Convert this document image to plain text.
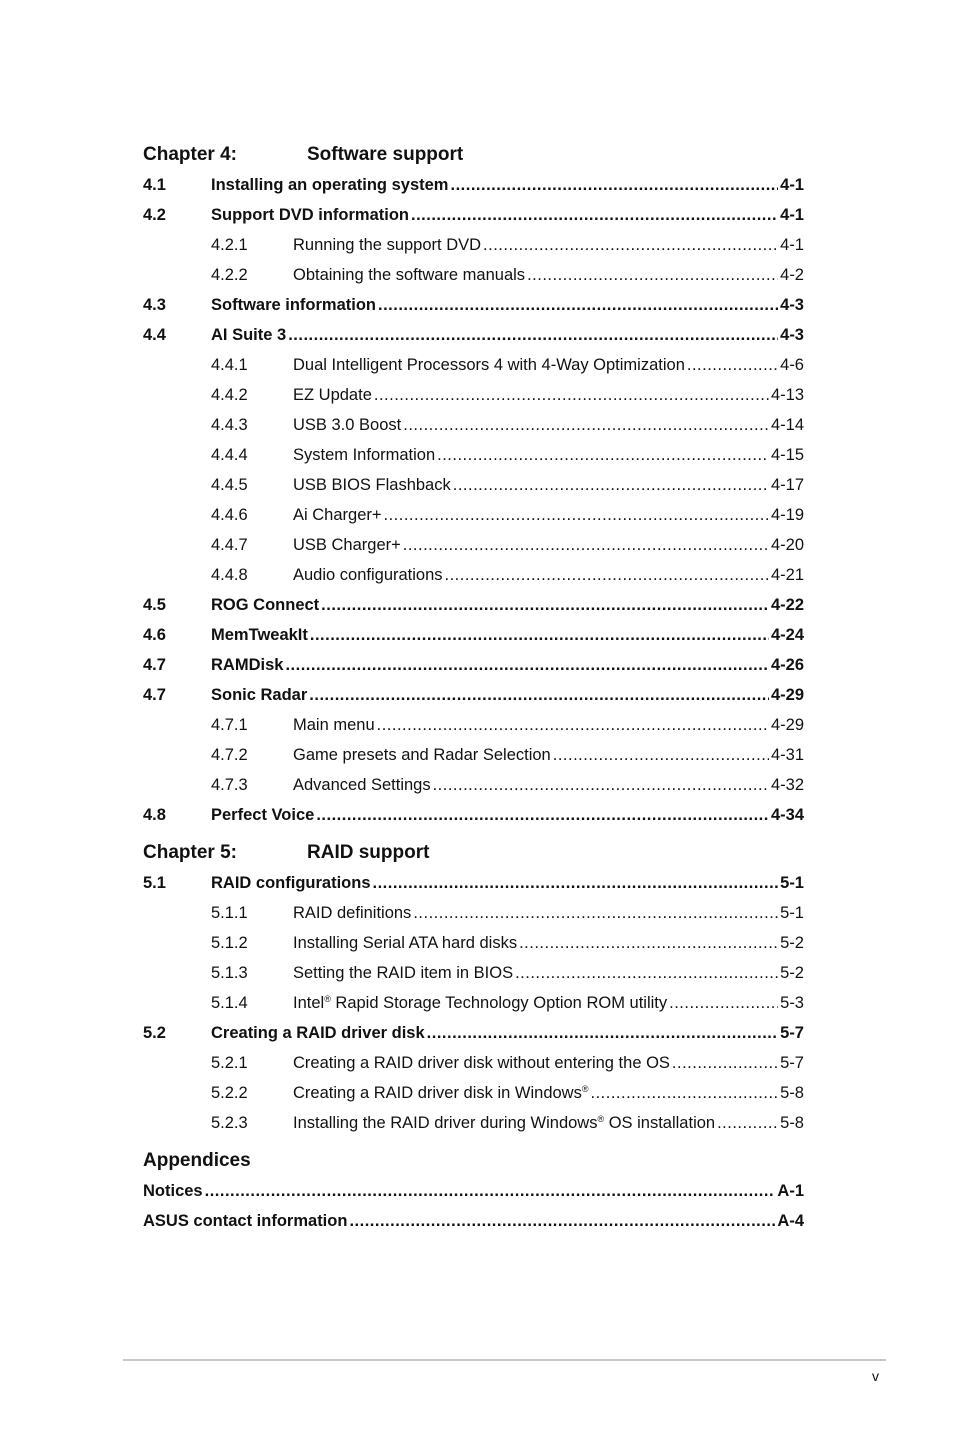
Chapter 4:	Software support
4.1	Installing an operating system .....	4-1
4.2	Support DVD information .....	4-1
4.2.1	Running the support DVD .....	4-1
4.2.2	Obtaining the software manuals .....	4-2
4.3	Software information .....	4-3
4.4	AI Suite 3 .....	4-3
4.4.1	Dual Intelligent Processors 4 with 4-Way Optimization .....	4-6
4.4.2	EZ Update .....	4-13
4.4.3	USB 3.0 Boost .....	4-14
4.4.4	System Information .....	4-15
4.4.5	USB BIOS Flashback .....	4-17
4.4.6	Ai Charger+ .....	4-19
4.4.7	USB Charger+ .....	4-20
4.4.8	Audio configurations .....	4-21
4.5	ROG Connect .....	4-22
4.6	MemTweakIt .....	4-24
4.7	RAMDisk .....	4-26
4.7	Sonic Radar .....	4-29
4.7.1	Main menu .....	4-29
4.7.2	Game presets and Radar Selection .....	4-31
4.7.3	Advanced Settings .....	4-32
4.8	Perfect Voice .....	4-34
Chapter 5:	RAID support
5.1	RAID configurations .....	5-1
5.1.1	RAID definitions .....	5-1
5.1.2	Installing Serial ATA hard disks .....	5-2
5.1.3	Setting the RAID item in BIOS .....	5-2
5.1.4	Intel® Rapid Storage Technology Option ROM utility .....	5-3
5.2	Creating a RAID driver disk .....	5-7
5.2.1	Creating a RAID driver disk without entering the OS .....	5-7
5.2.2	Creating a RAID driver disk in Windows® .....	5-8
5.2.3	Installing the RAID driver during Windows® OS installation .....	5-8
Appendices
Notices .....	A-1
ASUS contact information .....	A-4
v
